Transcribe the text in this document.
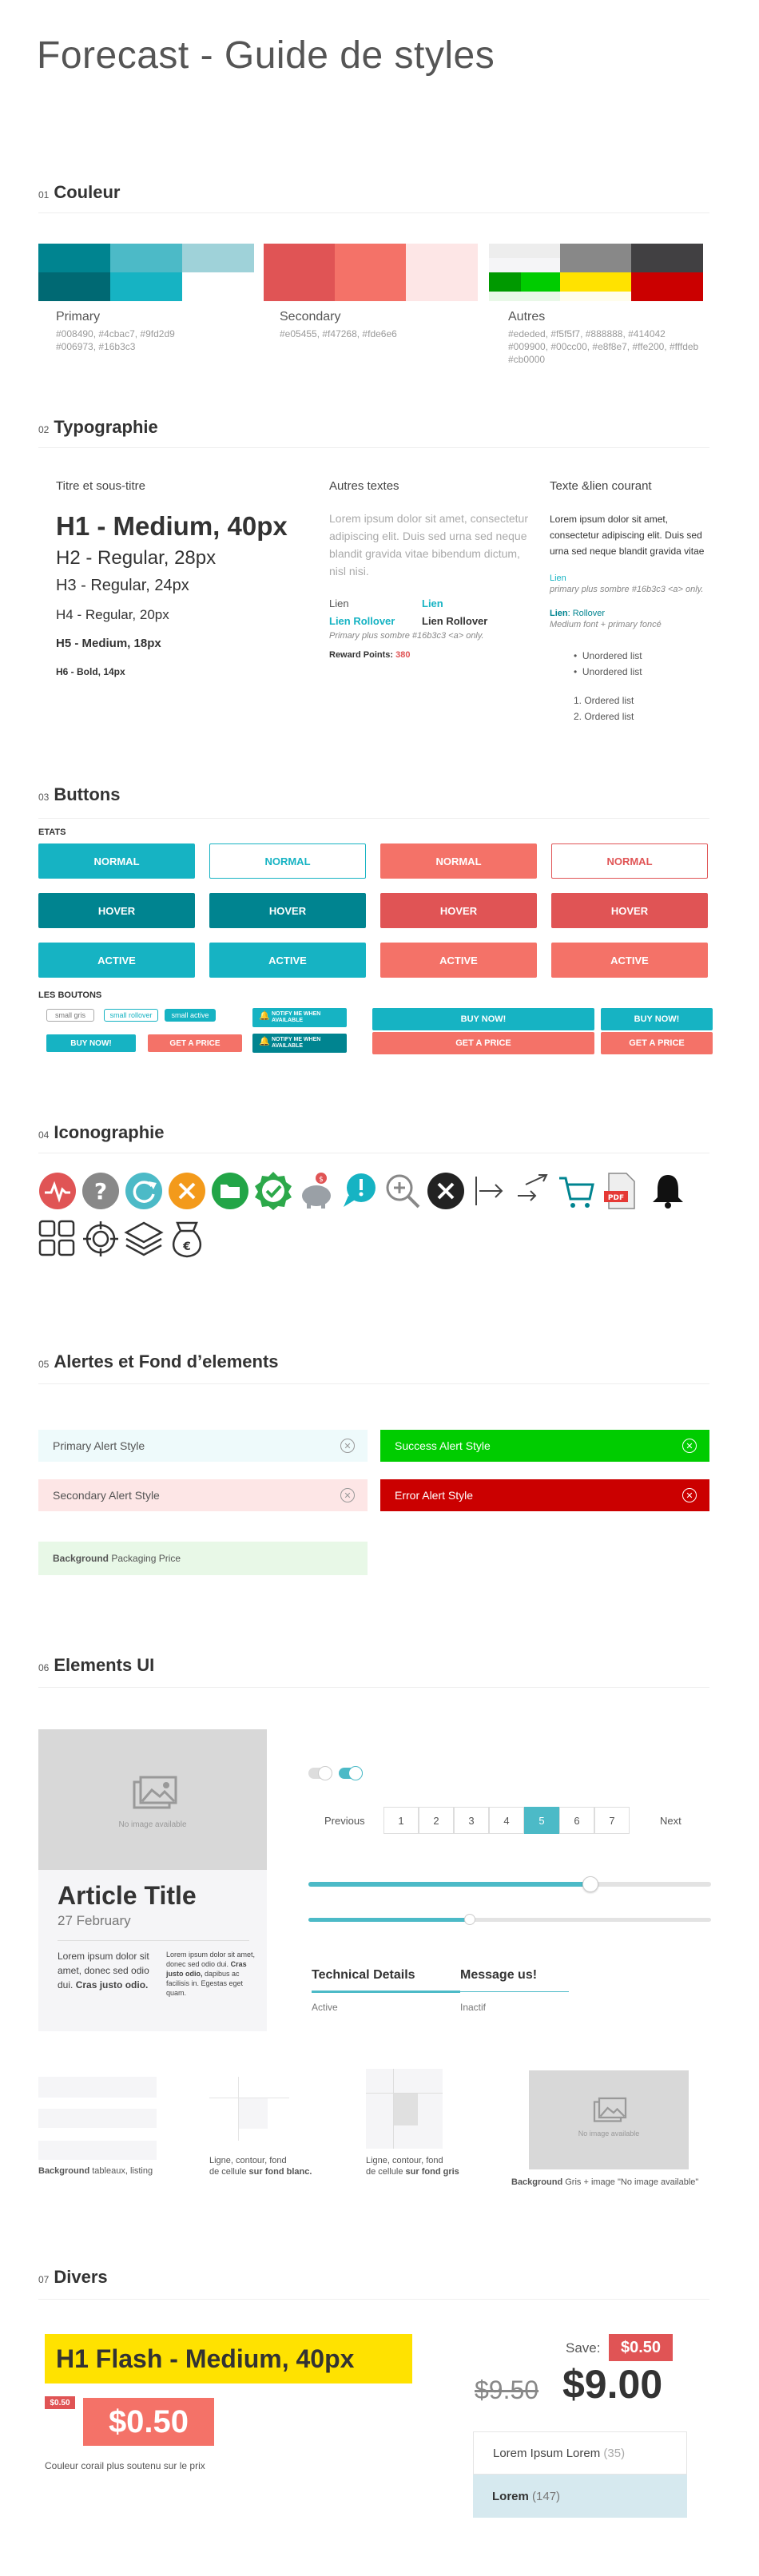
Forecast - Guide de styles
01 Couleur
Primary
#008490, #4cbac7, #9fd2d9
#006973, #16b3c3
Secondary
#e05455, #f47268, #fde6e6
Autres
#ededed, #f5f5f7, #888888, #414042
#009900, #00cc00, #e8f8e7, #ffe200, #fffdeb
#cb0000
02 Typographie
Titre et sous-titre
H1 - Medium, 40px
H2 - Regular, 28px
H3 - Regular, 24px
H4 - Regular, 20px
H5 - Medium, 18px
H6 - Bold, 14px
Autres textes
Lorem ipsum dolor sit amet, consectetur adipiscing elit. Duis sed urna sed neque blandit gravida vitae bibendum dictum, nisl nisi.
Lien	Lien
Lien Rollover	Lien Rollover
Primary plus sombre #16b3c3 <a> only.
Reward Points: 380
Texte &lien courant
Lorem ipsum dolor sit amet, consectetur adipiscing elit. Duis sed urna sed neque blandit gravida vitae
Lien
primary plus sombre #16b3c3 <a> only.
Lien: Rollover
Medium font + primary foncé
•  Unordered list
•  Unordered list
1. Ordered list
2. Ordered list
03 Buttons
ETATS
NORMAL	NORMAL	NORMAL	NORMAL
HOVER	HOVER	HOVER	HOVER
ACTIVE	ACTIVE	ACTIVE	ACTIVE
LES BOUTONS
small gris	small rollover	small active
BUY NOW!	GET A PRICE
🔔 NOTIFY ME WHEN AVAILABLE
🔔 NOTIFY ME WHEN AVAILABLE
BUY NOW!
GET A PRICE
BUY NOW!
GET A PRICE
04 Iconographie
?	$
PDF
€
05 Alertes et Fond d’elements
Primary Alert Style	✕	Success Alert Style	✕
Secondary Alert Style	✕	Error Alert Style	✕
Background
Packaging Price
06 Elements UI
No image available
Article Title
27 February
Lorem ipsum dolor sit amet, donec sed odio dui. Cras justo odio.
Lorem ipsum dolor sit amet, donec sed odio dui. Cras justo odio, dapibus ac facilisis in. Egestas eget quam.
Previous	1	2	3	4	5	6	7	Next
Technical Details	Message us!
Active	Inactif
Background tableaux, listing
Ligne, contour, fond
de cellule sur fond blanc.
Ligne, contour, fond
de cellule sur fond gris
No image available
Background Gris + image "No image available"
07 Divers
H1 Flash - Medium, 40px
$0.50
$0.50
Couleur corail plus soutenu sur le prix
Save:	$0.50
$9.50 $9.00
Lorem Ipsum Lorem
(35)
Lorem
(147)
